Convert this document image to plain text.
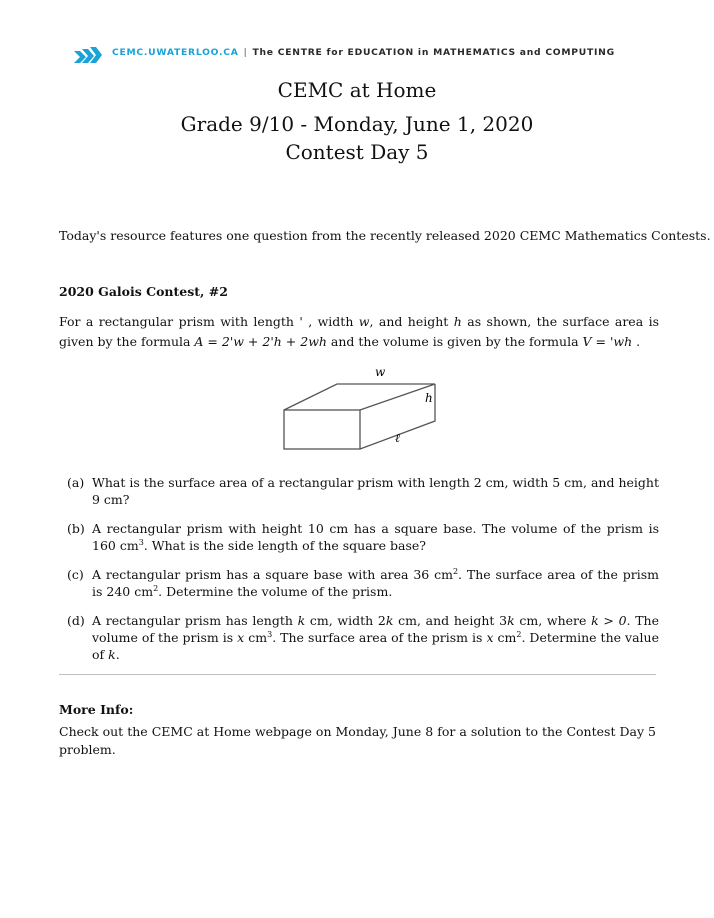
CEMC.UWATERLOO.CA | The CENTRE for EDUCATION in MATHEMATICS and COMPUTING
CEMC at Home
Grade 9/10 - Monday, June 1, 2020
Contest Day 5
Today's resource features one question from the recently released 2020 CEMC Mathematics Contests.
2020 Galois Contest, #2
For a rectangular prism with length ' , width w, and height h as shown, the surface area is given by the formula A = 2'w + 2'h + 2wh and the volume is given by the formula V = 'wh .
w
h
ℓ
(a) What is the surface area of a rectangular prism with length 2 cm, width 5 cm, and height 9 cm?
(b) A rectangular prism with height 10 cm has a square base. The volume of the prism is 160 $cm^3$. What is the side length of the square base?
(c) A rectangular prism has a square base with area 36 $cm^2$. The surface area of the prism is 240 $cm^2$. Determine the volume of the prism.
(d) A rectangular prism has length k cm, width 2k cm, and height 3k cm, where k > 0. The volume of the prism is x $cm^3$. The surface area of the prism is x $cm^2$. Determine the value of k.
More Info:
Check out the CEMC at Home webpage on Monday, June 8 for a solution to the Contest Day 5 problem.
